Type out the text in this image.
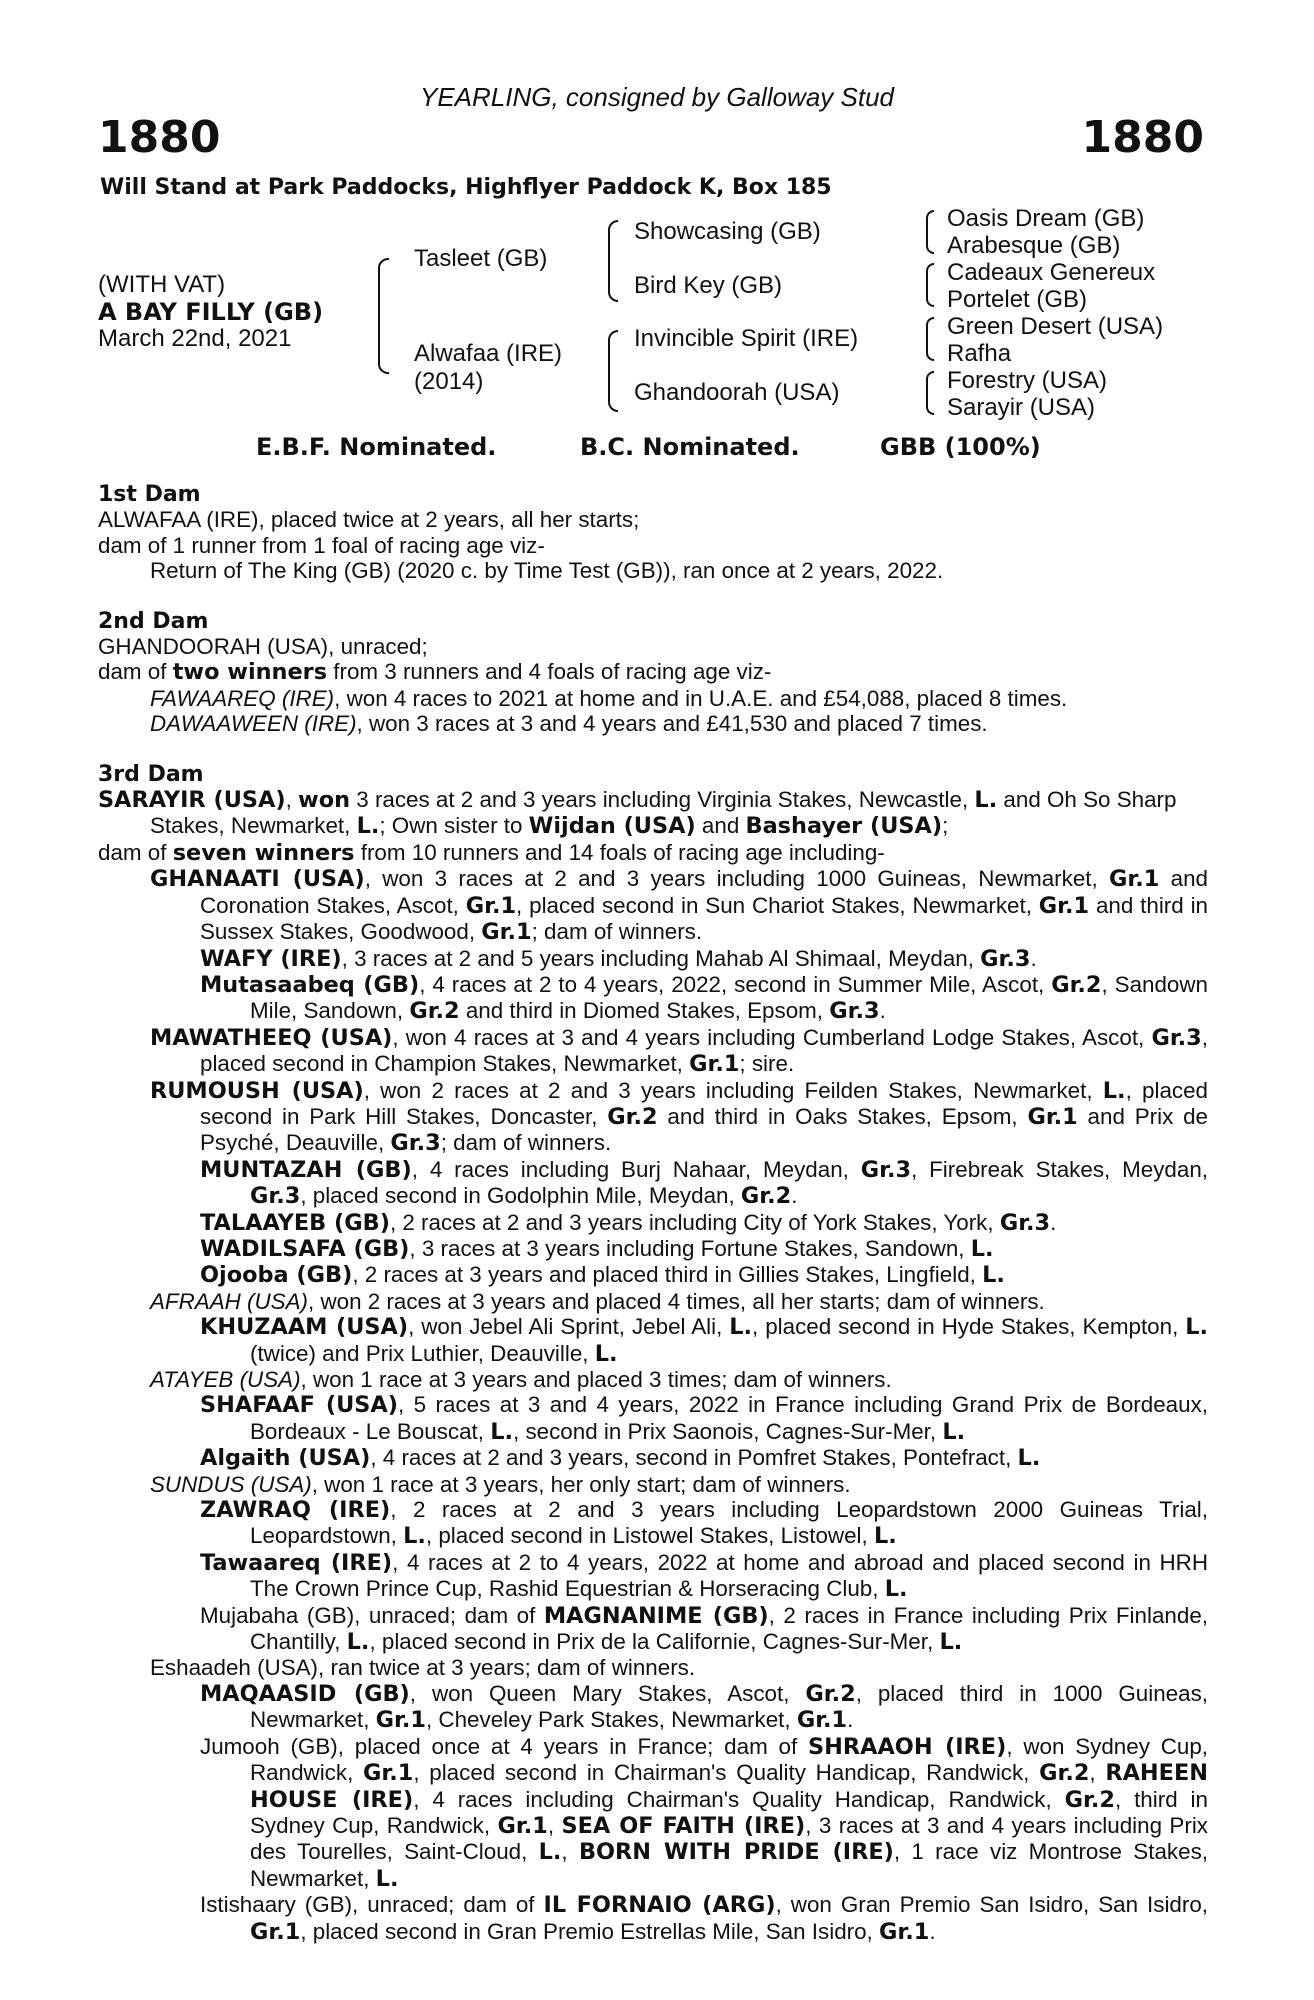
YEARLING, consigned by Galloway Stud
1880	1880
Will Stand at Park Paddocks, Highflyer Paddock K, Box 185
(WITH VAT)
A BAY FILLY (GB)
March 22nd, 2021
Tasleet (GB)
Alwafaa (IRE)
(2014)
Showcasing (GB)
Bird Key (GB)
Invincible Spirit (IRE)
Ghandoorah (USA)
Oasis Dream (GB)
Arabesque (GB)
Cadeaux Genereux
Portelet (GB)
Green Desert (USA)
Rafha
Forestry (USA)
Sarayir (USA)
E.B.F. Nominated.	B.C. Nominated.	GBB (100%)
1st Dam
ALWAFAA (IRE), placed twice at 2 years, all her starts;
dam of 1 runner from 1 foal of racing age viz-
Return of The King (GB) (2020 c. by Time Test (GB)), ran once at 2 years, 2022.
2nd Dam
GHANDOORAH (USA), unraced;
dam of two winners from 3 runners and 4 foals of racing age viz-
FAWAAREQ (IRE), won 4 races to 2021 at home and in U.A.E. and £54,088, placed 8 times.
DAWAAWEEN (IRE), won 3 races at 3 and 4 years and £41,530 and placed 7 times.
3rd Dam
SARAYIR (USA), won 3 races at 2 and 3 years including Virginia Stakes, Newcastle, L. and Oh So Sharp Stakes, Newmarket, L.; Own sister to Wijdan (USA) and Bashayer (USA);
dam of seven winners from 10 runners and 14 foals of racing age including-
GHANAATI (USA), won 3 races at 2 and 3 years including 1000 Guineas, Newmarket, Gr.1 and Coronation Stakes, Ascot, Gr.1, placed second in Sun Chariot Stakes, Newmarket, Gr.1 and third in Sussex Stakes, Goodwood, Gr.1; dam of winners.
WAFY (IRE), 3 races at 2 and 5 years including Mahab Al Shimaal, Meydan, Gr.3.
Mutasaabeq (GB), 4 races at 2 to 4 years, 2022, second in Summer Mile, Ascot, Gr.2, Sandown Mile, Sandown, Gr.2 and third in Diomed Stakes, Epsom, Gr.3.
MAWATHEEQ (USA), won 4 races at 3 and 4 years including Cumberland Lodge Stakes, Ascot, Gr.3, placed second in Champion Stakes, Newmarket, Gr.1; sire.
RUMOUSH (USA), won 2 races at 2 and 3 years including Feilden Stakes, Newmarket, L., placed second in Park Hill Stakes, Doncaster, Gr.2 and third in Oaks Stakes, Epsom, Gr.1 and Prix de Psyché, Deauville, Gr.3; dam of winners.
MUNTAZAH (GB), 4 races including Burj Nahaar, Meydan, Gr.3, Firebreak Stakes, Meydan, Gr.3, placed second in Godolphin Mile, Meydan, Gr.2.
TALAAYEB (GB), 2 races at 2 and 3 years including City of York Stakes, York, Gr.3.
WADILSAFA (GB), 3 races at 3 years including Fortune Stakes, Sandown, L.
Ojooba (GB), 2 races at 3 years and placed third in Gillies Stakes, Lingfield, L.
AFRAAH (USA), won 2 races at 3 years and placed 4 times, all her starts; dam of winners.
KHUZAAM (USA), won Jebel Ali Sprint, Jebel Ali, L., placed second in Hyde Stakes, Kempton, L. (twice) and Prix Luthier, Deauville, L.
ATAYEB (USA), won 1 race at 3 years and placed 3 times; dam of winners.
SHAFAAF (USA), 5 races at 3 and 4 years, 2022 in France including Grand Prix de Bordeaux, Bordeaux - Le Bouscat, L., second in Prix Saonois, Cagnes-Sur-Mer, L.
Algaith (USA), 4 races at 2 and 3 years, second in Pomfret Stakes, Pontefract, L.
SUNDUS (USA), won 1 race at 3 years, her only start; dam of winners.
ZAWRAQ (IRE), 2 races at 2 and 3 years including Leopardstown 2000 Guineas Trial, Leopardstown, L., placed second in Listowel Stakes, Listowel, L.
Tawaareq (IRE), 4 races at 2 to 4 years, 2022 at home and abroad and placed second in HRH The Crown Prince Cup, Rashid Equestrian & Horseracing Club, L.
Mujabaha (GB), unraced; dam of MAGNANIME (GB), 2 races in France including Prix Finlande, Chantilly, L., placed second in Prix de la Californie, Cagnes-Sur-Mer, L.
Eshaadeh (USA), ran twice at 3 years; dam of winners.
MAQAASID (GB), won Queen Mary Stakes, Ascot, Gr.2, placed third in 1000 Guineas, Newmarket, Gr.1, Cheveley Park Stakes, Newmarket, Gr.1.
Jumooh (GB), placed once at 4 years in France; dam of SHRAAOH (IRE), won Sydney Cup, Randwick, Gr.1, placed second in Chairman's Quality Handicap, Randwick, Gr.2, RAHEEN HOUSE (IRE), 4 races including Chairman's Quality Handicap, Randwick, Gr.2, third in Sydney Cup, Randwick, Gr.1, SEA OF FAITH (IRE), 3 races at 3 and 4 years including Prix des Tourelles, Saint-Cloud, L., BORN WITH PRIDE (IRE), 1 race viz Montrose Stakes, Newmarket, L.
Istishaary (GB), unraced; dam of IL FORNAIO (ARG), won Gran Premio San Isidro, San Isidro, Gr.1, placed second in Gran Premio Estrellas Mile, San Isidro, Gr.1.
